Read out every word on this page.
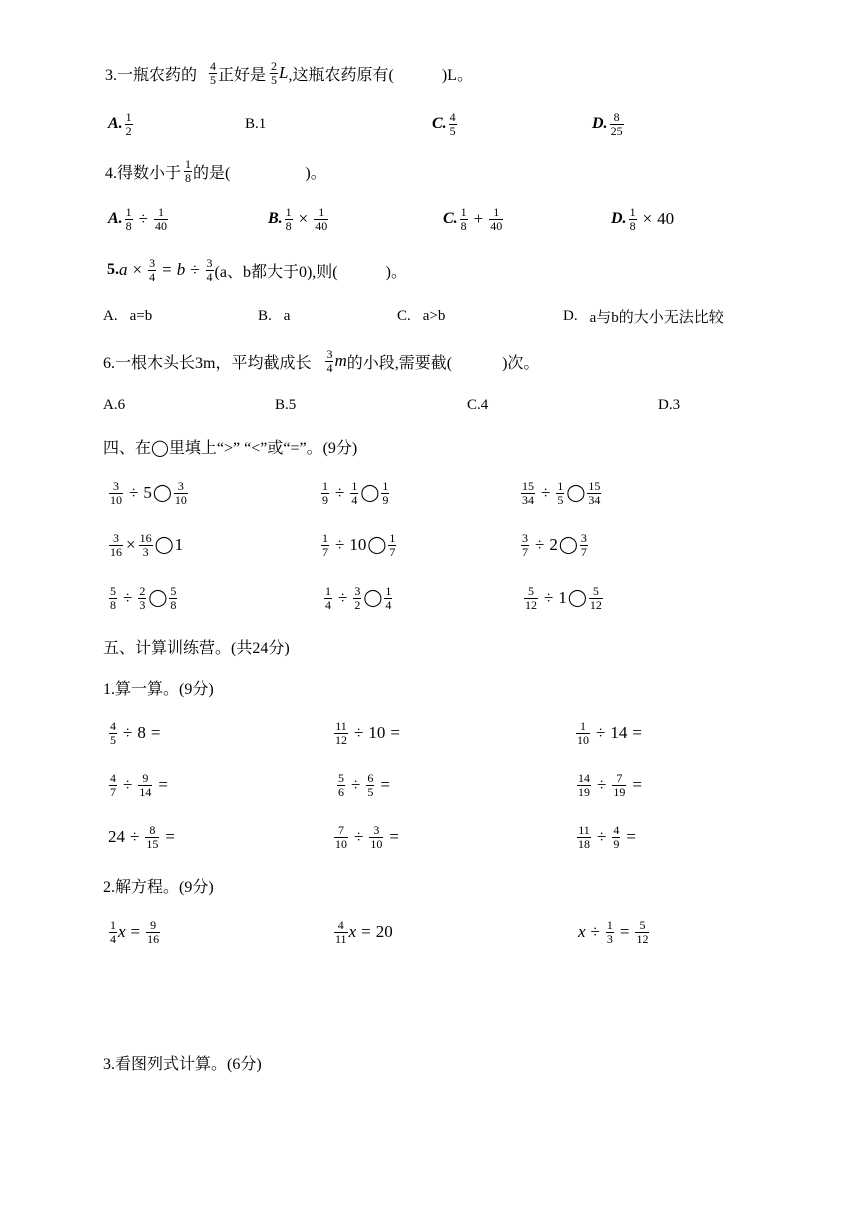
3.一瓶农药的 $\frac{4}{5}$ 正好是 $\frac{2}{5}$ L ,这瓶农药原有(	)L。
A. $\frac{1}{2}$	B.1	C. $\frac{4}{5}$	D. $\frac{8}{25}$
4.得数小于 $\frac{1}{8}$ 的是(	)。
A. $\frac{1}{8} \div \frac{1}{40}$	B. $\frac{1}{8} \times \frac{1}{40}$	C. $\frac{1}{8} + \frac{1}{40}$	D. $\frac{1}{8} \times 40$
5. $a \times \frac{3}{4} = b \div \frac{3}{4} (a$、b都大于0),则(	)。
A. a=b	B. a	C. a>b	D. a与b的大小无法比较
6.一根木头长3m，平均截成长 $\frac{3}{4}$ m 的小段,需要截(	)次。
A.6	B.5	C.4	D.3
四、在◯里填上“>” “<”或“=”。(9分)
$\frac{3}{10} \div 5$ ◯ $\frac{3}{10}$	$\frac{1}{9} \div \frac{1}{4}$ ◯ $\frac{1}{9}$	$\frac{15}{34} \div \frac{1}{5}$ ◯ $\frac{15}{34}$
$\frac{3}{16} \times \frac{16}{3}$ ◯ 1	$\frac{1}{7} \div 10$ ◯ $\frac{1}{7}$	$\frac{3}{7} \div 2$ ◯ $\frac{3}{7}$
$\frac{5}{8} \div \frac{2}{3}$ ◯ $\frac{5}{8}$	$\frac{1}{4} \div \frac{3}{2}$ ◯ $\frac{1}{4}$	$\frac{5}{12} \div 1$ ◯ $\frac{5}{12}$
五、计算训练营。(共24分)
1.算一算。(9分)
$\frac{4}{5} \div 8$ =	$\frac{11}{12} \div 10$ =	$\frac{1}{10} \div 14$ =
$\frac{4}{7} \div \frac{9}{14}$ =	$\frac{5}{6} \div \frac{6}{5}$ =	$\frac{14}{19} \div \frac{7}{19}$ =
$24 \div \frac{8}{15}$ =	$\frac{7}{10} \div \frac{3}{10}$ =	$\frac{11}{18} \div \frac{4}{9}$ =
2.解方程。(9分)
$\frac{1}{4}$ $x = \frac{9}{16}$	$\frac{4}{11}$ x = 20	$x \div \frac{1}{3} = \frac{5}{12}$
3.看图列式计算。(6分)
